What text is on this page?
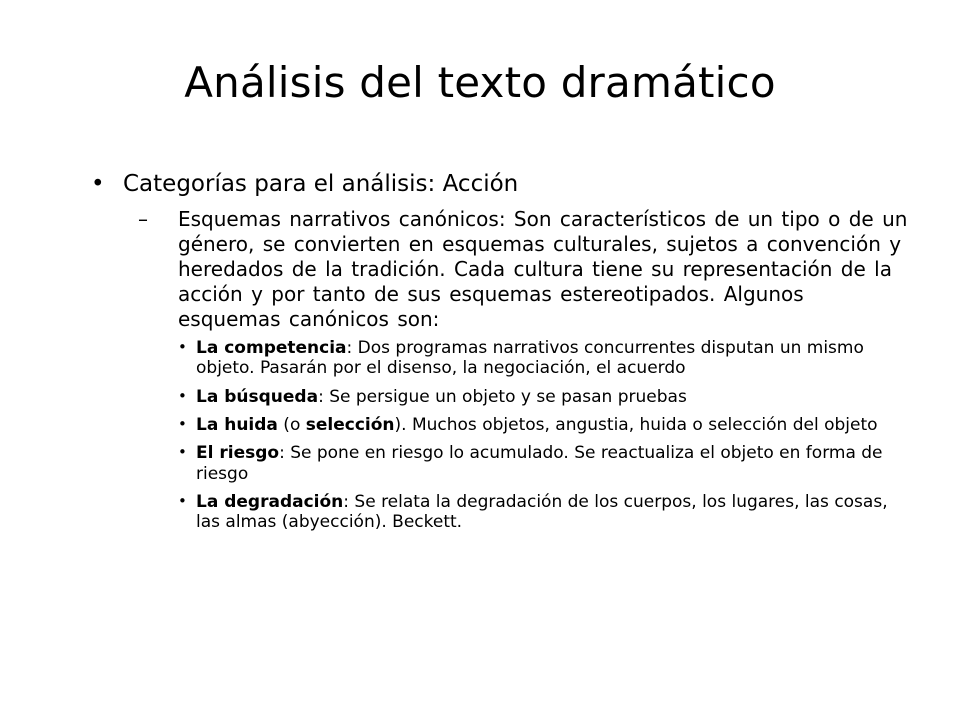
Análisis del texto dramático
• Categorías para el análisis: Acción
– Esquemas narrativos canónicos: Son característicos de un tipo o de un género, se convierten en esquemas culturales, sujetos a convención y heredados de la tradición. Cada cultura tiene su representación de la acción y por tanto de sus esquemas estereotipados. Algunos esquemas canónicos son:
• La competencia: Dos programas narrativos concurrentes disputan un mismo objeto. Pasarán por el disenso, la negociación, el acuerdo
• La búsqueda: Se persigue un objeto y se pasan pruebas
• La huida (o selección). Muchos objetos, angustia, huida o selección del objeto
• El riesgo: Se pone en riesgo lo acumulado. Se reactualiza el objeto en forma de riesgo
• La degradación: Se relata la degradación de los cuerpos, los lugares, las cosas, las almas (abyección). Beckett.
